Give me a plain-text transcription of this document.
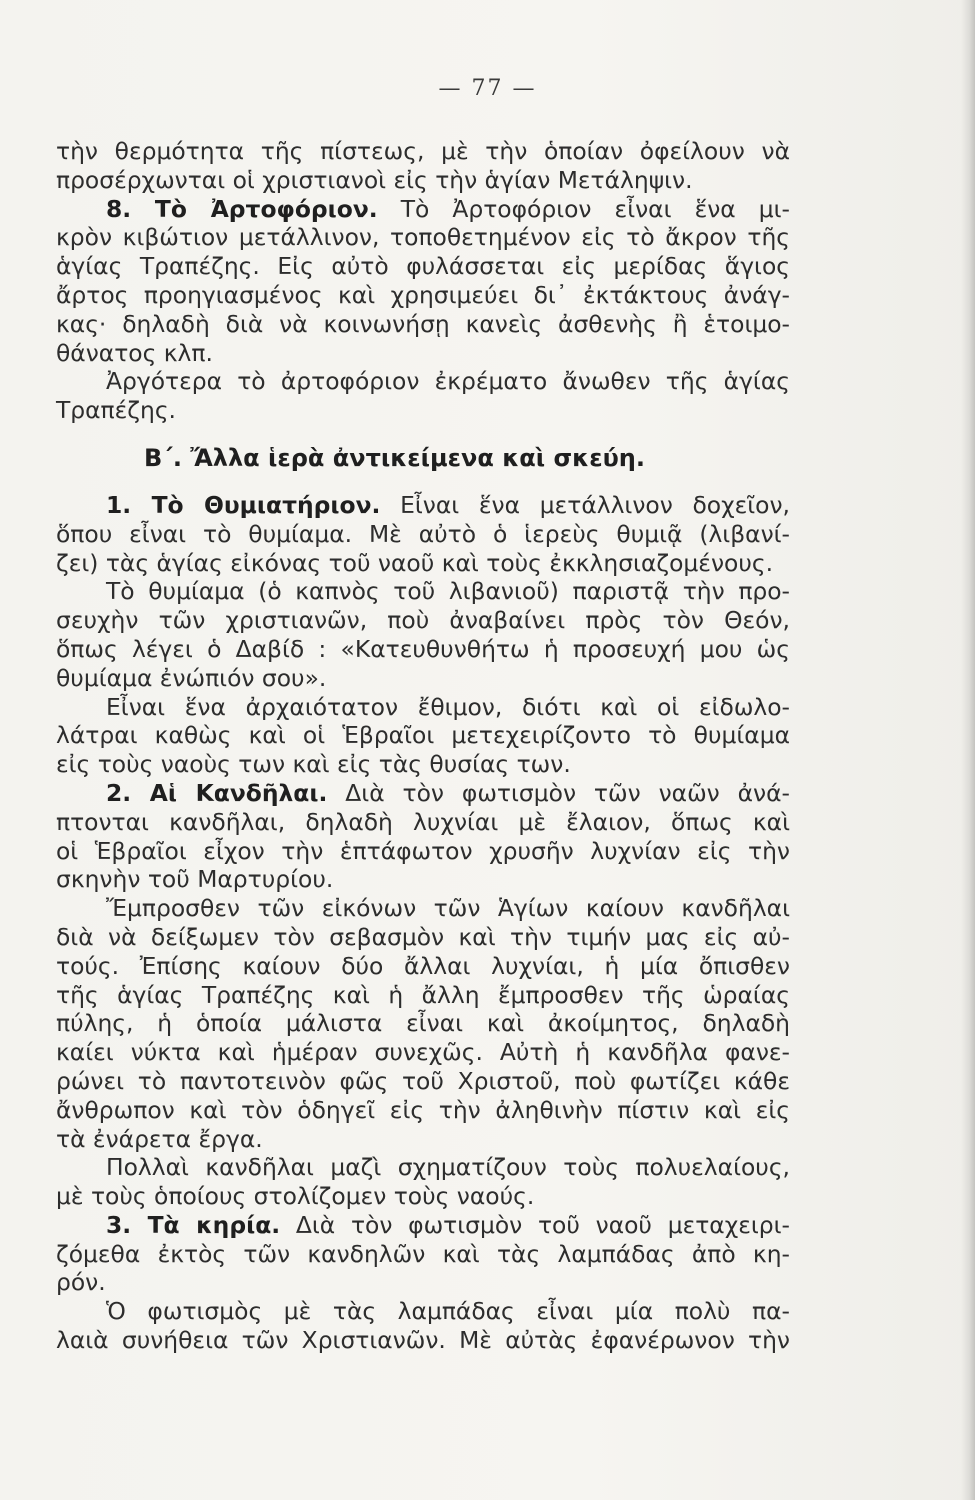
— 77 —
τὴν θερμότητα τῆς πίστεως, μὲ τὴν ὁποίαν ὀφείλουν νὰ
προσέρχωνται οἱ χριστιανοὶ εἰς τὴν ἁγίαν Μετάληψιν.
8. Τὸ Ἀρτοφόριον. Τὸ Ἀρτοφόριον εἶναι ἕνα μι-
κρὸν κιβώτιον μετάλλινον, τοποθετημένον εἰς τὸ ἄκρον τῆς
ἁγίας Τραπέζης. Εἰς αὐτὸ φυλάσσεται εἰς μερίδας ἅγιος
ἄρτος προηγιασμένος καὶ χρησιμεύει δι᾽ ἐκτάκτους ἀνάγ-
κας· δηλαδὴ διὰ νὰ κοινωνήσῃ κανεὶς ἀσθενὴς ἢ ἑτοιμο-
θάνατος κλπ.
Ἀργότερα τὸ ἀρτοφόριον ἐκρέματο ἄνωθεν τῆς ἁγίας
Τραπέζης.
Β΄. Ἄλλα ἱερὰ ἀντικείμενα καὶ σκεύη.
1. Τὸ Θυμιατήριον. Εἶναι ἕνα μετάλλινον δοχεῖον,
ὅπου εἶναι τὸ θυμίαμα. Μὲ αὐτὸ ὁ ἱερεὺς θυμιᾷ (λιβανί-
ζει) τὰς ἁγίας εἰκόνας τοῦ ναοῦ καὶ τοὺς ἐκκλησιαζομένους.
Τὸ θυμίαμα (ὁ καπνὸς τοῦ λιβανιοῦ) παριστᾷ τὴν προ-
σευχὴν τῶν χριστιανῶν, ποὺ ἀναβαίνει πρὸς τὸν Θεόν,
ὅπως λέγει ὁ Δαβίδ : «Κατευθυνθήτω ἡ προσευχή μου ὡς
θυμίαμα ἐνώπιόν σου».
Εἶναι ἕνα ἀρχαιότατον ἔθιμον, διότι καὶ οἱ εἰδωλο-
λάτραι καθὼς καὶ οἱ Ἑβραῖοι μετεχειρίζοντο τὸ θυμίαμα
εἰς τοὺς ναοὺς των καὶ εἰς τὰς θυσίας των.
2. Αἱ Κανδῆλαι. Διὰ τὸν φωτισμὸν τῶν ναῶν ἀνά-
πτονται κανδῆλαι, δηλαδὴ λυχνίαι μὲ ἔλαιον, ὅπως καὶ
οἱ Ἑβραῖοι εἶχον τὴν ἑπτάφωτον χρυσῆν λυχνίαν εἰς τὴν
σκηνὴν τοῦ Μαρτυρίου.
Ἔμπροσθεν τῶν εἰκόνων τῶν Ἁγίων καίουν κανδῆλαι
διὰ νὰ δείξωμεν τὸν σεβασμὸν καὶ τὴν τιμήν μας εἰς αὐ-
τούς. Ἐπίσης καίουν δύο ἄλλαι λυχνίαι, ἡ μία ὄπισθεν
τῆς ἁγίας Τραπέζης καὶ ἡ ἄλλη ἔμπροσθεν τῆς ὡραίας
πύλης, ἡ ὁποία μάλιστα εἶναι καὶ ἀκοίμητος, δηλαδὴ
καίει νύκτα καὶ ἡμέραν συνεχῶς. Αὐτὴ ἡ κανδῆλα φανε-
ρώνει τὸ παντοτεινὸν φῶς τοῦ Χριστοῦ, ποὺ φωτίζει κάθε
ἄνθρωπον καὶ τὸν ὁδηγεῖ εἰς τὴν ἀληθινὴν πίστιν καὶ εἰς
τὰ ἐνάρετα ἔργα.
Πολλαὶ κανδῆλαι μαζὶ σχηματίζουν τοὺς πολυελαίους,
μὲ τοὺς ὁποίους στολίζομεν τοὺς ναούς.
3. Τὰ κηρία. Διὰ τὸν φωτισμὸν τοῦ ναοῦ μεταχειρι-
ζόμεθα ἐκτὸς τῶν κανδηλῶν καὶ τὰς λαμπάδας ἀπὸ κη-
ρόν.
Ὁ φωτισμὸς μὲ τὰς λαμπάδας εἶναι μία πολὺ πα-
λαιὰ συνήθεια τῶν Χριστιανῶν. Μὲ αὐτὰς ἐφανέρωνον τὴν
